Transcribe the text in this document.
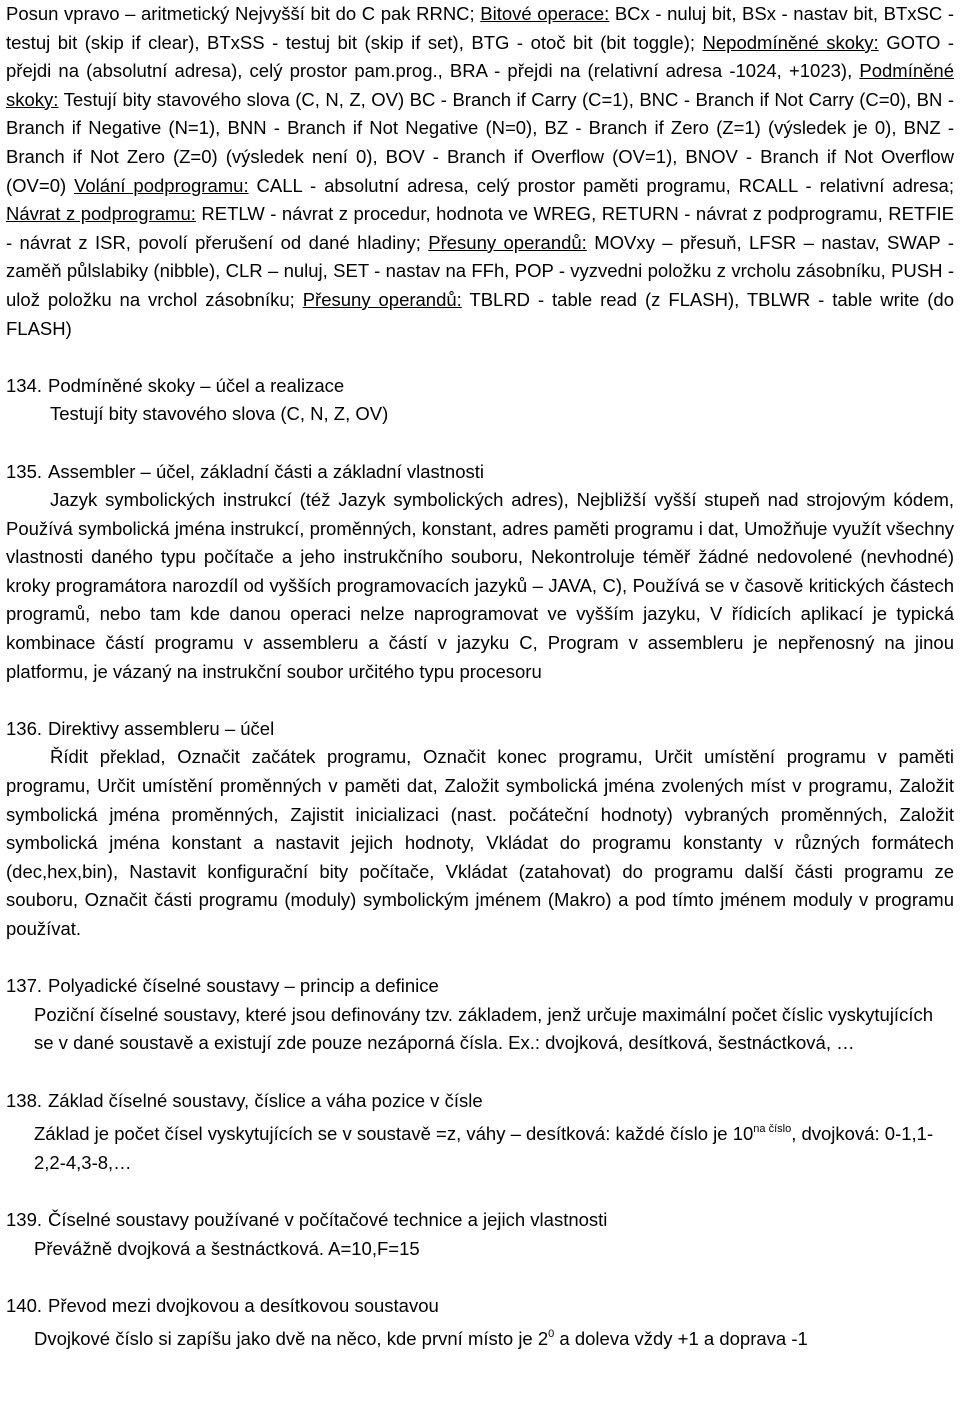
Posun vpravo – aritmetický Nejvyšší bit do C pak RRNC; Bitové operace: BCx - nuluj bit, BSx - nastav bit, BTxSC - testuj bit (skip if clear), BTxSS - testuj bit (skip if set), BTG - otoč bit (bit toggle); Nepodmíněné skoky: GOTO - přejdi na (absolutní adresa), celý prostor pam.prog., BRA - přejdi na (relativní adresa -1024, +1023), Podmíněné skoky: Testují bity stavového slova (C, N, Z, OV) BC - Branch if Carry (C=1), BNC - Branch if Not Carry (C=0), BN - Branch if Negative (N=1), BNN - Branch if Not Negative (N=0), BZ - Branch if Zero (Z=1) (výsledek je 0), BNZ - Branch if Not Zero (Z=0) (výsledek není 0), BOV - Branch if Overflow (OV=1), BNOV - Branch if Not Overflow (OV=0) Volání podprogramu: CALL - absolutní adresa, celý prostor paměti programu, RCALL - relativní adresa; Návrat z podprogramu: RETLW - návrat z procedur, hodnota ve WREG, RETURN - návrat z podprogramu, RETFIE - návrat z ISR, povolí přerušení od dané hladiny; Přesuny operandů: MOVxy – přesuň, LFSR – nastav, SWAP - zaměň půlslabiky (nibble), CLR – nuluj, SET - nastav na FFh, POP - vyzvedni položku z vrcholu zásobníku, PUSH - ulož položku na vrchol zásobníku; Přesuny operandů: TBLRD - table read (z FLASH), TBLWR - table write (do FLASH)

134. Podmíněné skoky – účel a realizace

Testují bity stavového slova (C, N, Z, OV)

135. Assembler – účel, základní části a základní vlastnosti

Jazyk symbolických instrukcí (též Jazyk symbolických adres), Nejbližší vyšší stupeň nad strojovým kódem, Používá symbolická jména instrukcí, proměnných, konstant, adres paměti programu i dat, Umožňuje využít všechny vlastnosti daného typu počítače a jeho instrukčního souboru, Nekontroluje téměř žádné nedovolené (nevhodné) kroky programátora narozdíl od vyšších programovacích jazyků – JAVA, C), Používá se v časově kritických částech programů, nebo tam kde danou operaci nelze naprogramovat ve vyšším jazyku, V řídicích aplikací je typická kombinace částí programu v assembleru a částí v jazyku C, Program v assembleru je nepřenosný na jinou platformu, je vázaný na instrukční soubor určitého typu procesoru

136. Direktivy assembleru – účel

Řídit překlad, Označit začátek programu, Označit konec programu, Určit umístění programu v paměti programu, Určit umístění proměnných v paměti dat, Založit symbolická jména zvolených míst v programu, Založit symbolická jména proměnných, Zajistit inicializaci (nast. počáteční hodnoty) vybraných proměnných, Založit symbolická jména konstant a nastavit jejich hodnoty, Vkládat do programu konstanty v různých formátech (dec,hex,bin), Nastavit konfigurační bity počítače, Vkládat (zatahovat) do programu další části programu ze souboru, Označit části programu (moduly) symbolickým jménem (Makro) a pod tímto jménem moduly v programu používat.

137. Polyadické číselné soustavy – princip a definice

Poziční číselné soustavy, které jsou definovány tzv. základem, jenž určuje maximální počet číslic vyskytujících se v dané soustavě a existují zde pouze nezáporná čísla. Ex.: dvojková, desítková, šestnáctková, …

138. Základ číselné soustavy, číslice a váha pozice v čísle

Základ je počet čísel vyskytujících se v soustavě =z, váhy – desítková: každé číslo je $10^{na číslo}$, dvojková: 0-1,1-2,2-4,3-8,…

139. Číselné soustavy používané v počítačové technice a jejich vlastnosti

Převážně dvojková a šestnáctková. A=10,F=15

140. Převod mezi dvojkovou a desítkovou soustavou

Dvojkové číslo si zapíšu jako dvě na něco, kde první místo je $2^0$ a doleva vždy +1 a doprava -1
